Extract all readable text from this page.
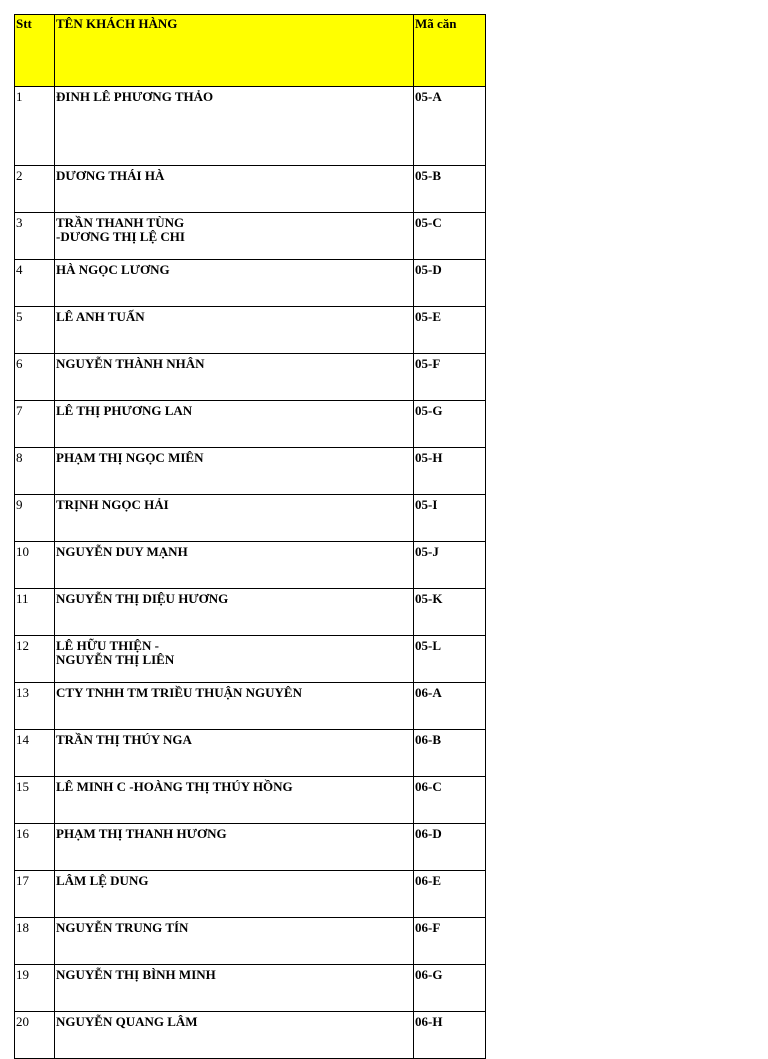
Stt	TÊN KHÁCH HÀNG	Mã căn
1	ĐINH LÊ PHƯƠNG THẢO	05-A
2	DƯƠNG THÁI HÀ	05-B
3	TRẦN THANH TÙNG
-DƯƠNG THỊ LỆ CHI	05-C
4	HÀ NGỌC LƯƠNG	05-D
5	LÊ ANH TUẤN	05-E
6	NGUYỄN THÀNH NHÂN	05-F
7	LÊ THỊ PHƯƠNG LAN	05-G
8	PHẠM THỊ NGỌC MIÊN	05-H
9	TRỊNH NGỌC HẢI	05-I
10	NGUYỄN DUY MẠNH	05-J
11	NGUYỄN THỊ DIỆU HƯƠNG	05-K
12	LÊ HỮU THIỆN -
NGUYỄN THỊ LIÊN	05-L
13	CTY TNHH TM TRIỀU THUẬN NGUYÊN	06-A
14	TRẦN THỊ THÚY NGA	06-B
15	LÊ MINH C -HOÀNG THỊ THÚY HỒNG	06-C
16	PHẠM THỊ THANH HƯƠNG	06-D
17	LÂM LỆ DUNG	06-E
18	NGUYỄN TRUNG TÍN	06-F
19	NGUYỄN THỊ BÌNH MINH	06-G
20	NGUYỄN QUANG LÂM	06-H
